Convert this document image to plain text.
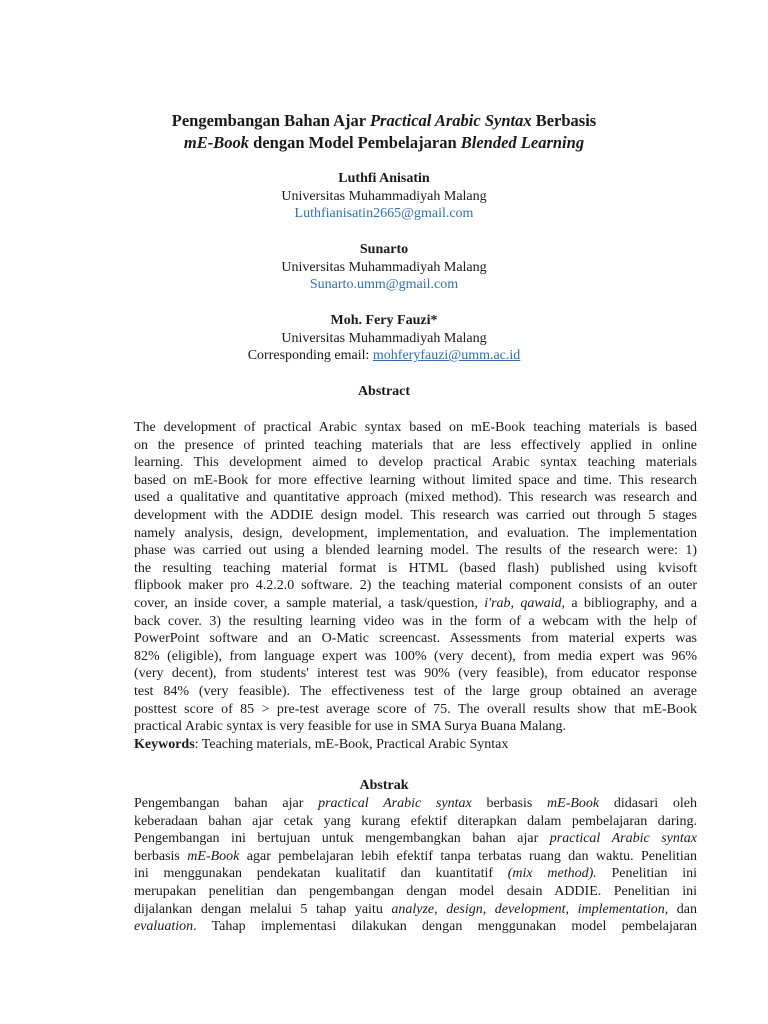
Pengembangan Bahan Ajar Practical Arabic Syntax Berbasis
mE-Book dengan Model Pembelajaran Blended Learning
Luthfi Anisatin
Universitas Muhammadiyah Malang
Luthfianisatin2665@gmail.com
Sunarto
Universitas Muhammadiyah Malang
Sunarto.umm@gmail.com
Moh. Fery Fauzi*
Universitas Muhammadiyah Malang
Corresponding email: mohferyfauzi@umm.ac.id
Abstract
The development of practical Arabic syntax based on mE-Book teaching materials is based
on the presence of printed teaching materials that are less effectively applied in online
learning. This development aimed to develop practical Arabic syntax teaching materials
based on mE-Book for more effective learning without limited space and time. This research
used a qualitative and quantitative approach (mixed method). This research was research and
development with the ADDIE design model. This research was carried out through 5 stages
namely analysis, design, development, implementation, and evaluation. The implementation
phase was carried out using a blended learning model. The results of the research were: 1)
the resulting teaching material format is HTML (based flash) published using kvisoft
flipbook maker pro 4.2.2.0 software. 2) the teaching material component consists of an outer
cover, an inside cover, a sample material, a task/question, i'rab, qawaid, a bibliography, and a
back cover. 3) the resulting learning video was in the form of a webcam with the help of
PowerPoint software and an O-Matic screencast. Assessments from material experts was
82% (eligible), from language expert was 100% (very decent), from media expert was 96%
(very decent), from students' interest test was 90% (very feasible), from educator response
test 84% (very feasible). The effectiveness test of the large group obtained an average
posttest score of 85 > pre-test average score of 75. The overall results show that mE-Book
practical Arabic syntax is very feasible for use in SMA Surya Buana Malang.
Keywords: Teaching materials, mE-Book, Practical Arabic Syntax
Abstrak
Pengembangan bahan ajar practical Arabic syntax berbasis mE-Book didasari oleh
keberadaan bahan ajar cetak yang kurang efektif diterapkan dalam pembelajaran daring.
Pengembangan ini bertujuan untuk mengembangkan bahan ajar practical Arabic syntax
berbasis mE-Book agar pembelajaran lebih efektif tanpa terbatas ruang dan waktu. Penelitian
ini menggunakan pendekatan kualitatif dan kuantitatif (mix method). Penelitian ini
merupakan penelitian dan pengembangan dengan model desain ADDIE. Penelitian ini
dijalankan dengan melalui 5 tahap yaitu analyze, design, development, implementation, dan
evaluation. Tahap implementasi dilakukan dengan menggunakan model pembelajaran
